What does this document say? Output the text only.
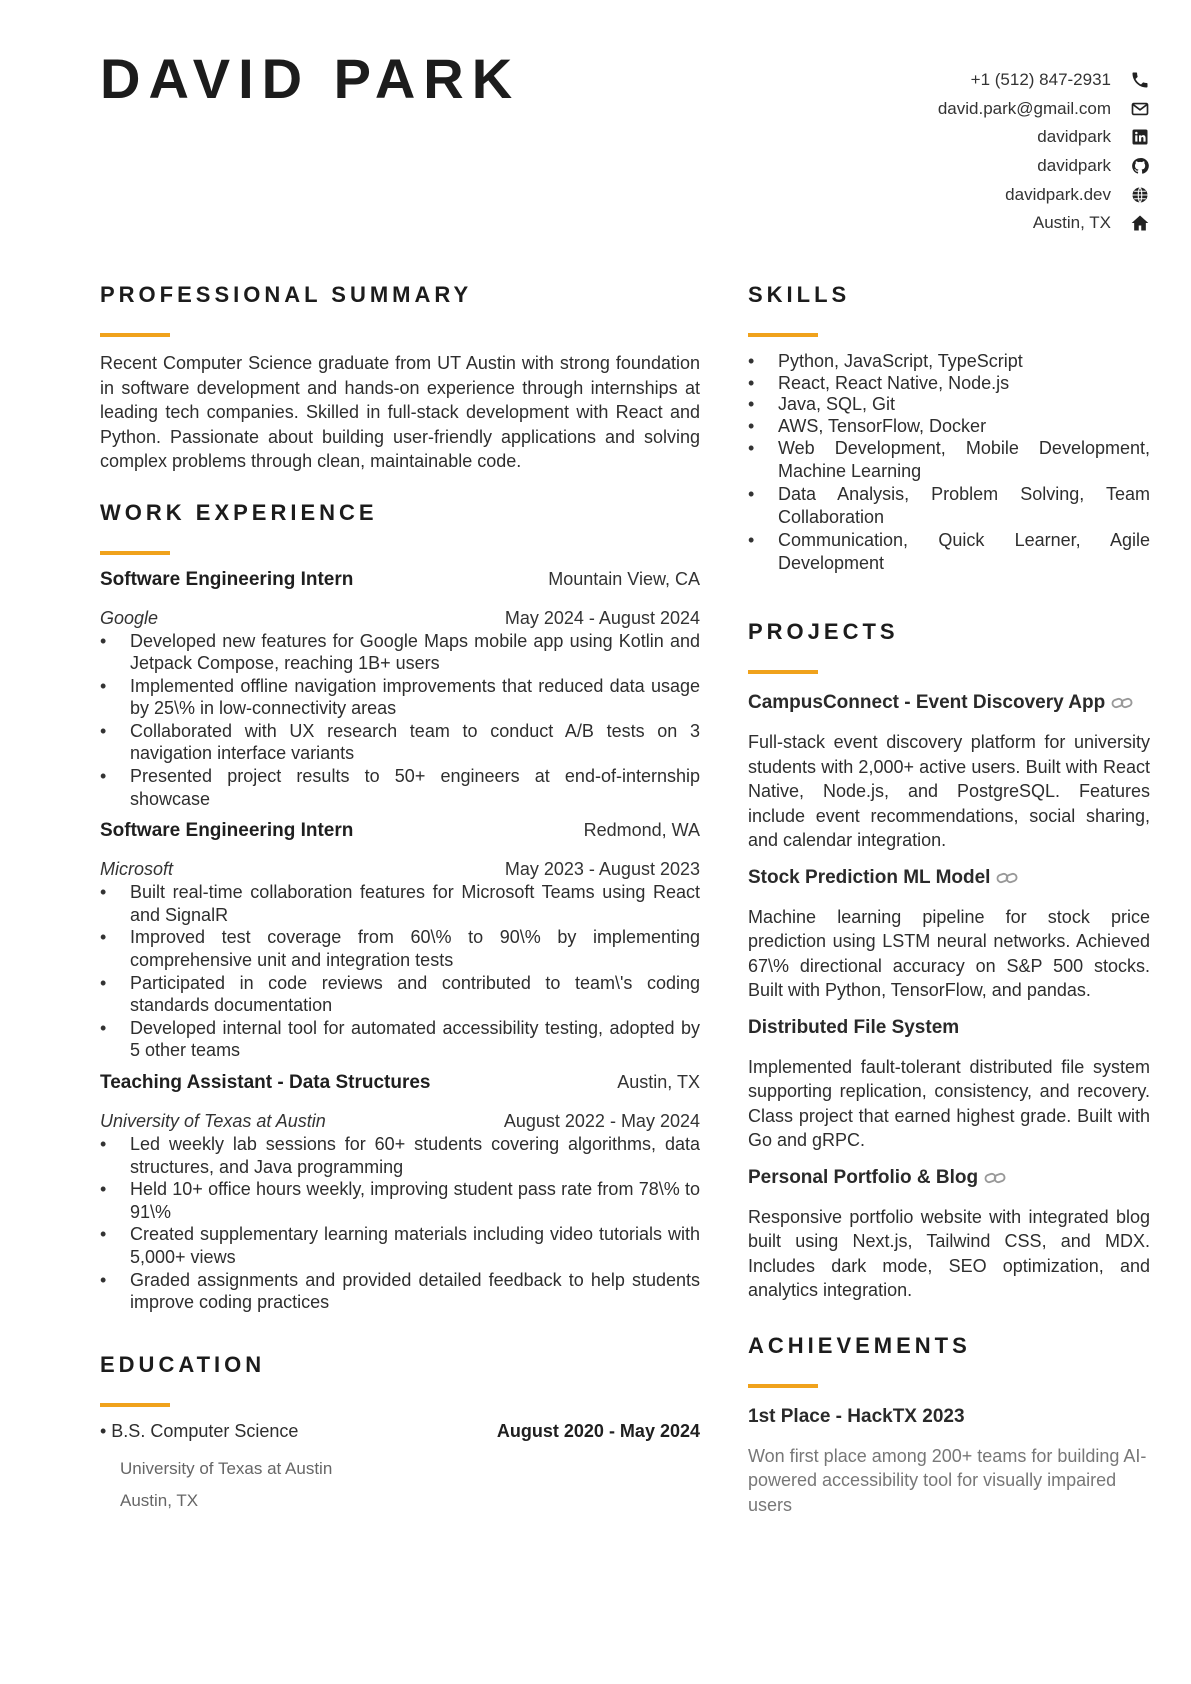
DAVID PARK	+1 (512) 847-2931
david.park@gmail.com
davidpark
davidpark
davidpark.dev
Austin, TX
PROFESSIONAL SUMMARY

Recent Computer Science graduate from UT Austin with strong foundation in software development and hands-on experience through internships at leading tech companies. Skilled in full-stack development with React and Python. Passionate about building user-friendly applications and solving complex problems through clean, maintainable code.

WORK EXPERIENCE
Software Engineering Intern	Mountain View, CA
Google	May 2024 - August 2024
• Developed new features for Google Maps mobile app using Kotlin and Jetpack Compose, reaching 1B+ users
• Implemented offline navigation improvements that reduced data usage by 25\% in low-connectivity areas
• Collaborated with UX research team to conduct A/B tests on 3 navigation interface variants
• Presented project results to 50+ engineers at end-of-internship showcase
Software Engineering Intern	Redmond, WA
Microsoft	May 2023 - August 2023
• Built real-time collaboration features for Microsoft Teams using React and SignalR
• Improved test coverage from 60\% to 90\% by implementing comprehensive unit and integration tests
• Participated in code reviews and contributed to team\'s coding standards documentation
• Developed internal tool for automated accessibility testing, adopted by 5 other teams
Teaching Assistant - Data Structures	Austin, TX
University of Texas at Austin	August 2022 - May 2024
• Led weekly lab sessions for 60+ students covering algorithms, data structures, and Java programming
• Held 10+ office hours weekly, improving student pass rate from 78\% to 91\%
• Created supplementary learning materials including video tutorials with 5,000+ views
• Graded assignments and provided detailed feedback to help students improve coding practices
EDUCATION
• B.S. Computer Science	August 2020 - May 2024
University of Texas at Austin
Austin, TX
SKILLS
• Python, JavaScript, TypeScript
• React, React Native, Node.js
• Java, SQL, Git
• AWS, TensorFlow, Docker
• Web Development, Mobile Development, Machine Learning
• Data Analysis, Problem Solving, Team Collaboration
• Communication, Quick Learner, Agile Development
PROJECTS
CampusConnect - Event Discovery App

Full-stack event discovery platform for university students with 2,000+ active users. Built with React Native, Node.js, and PostgreSQL. Features include event recommendations, social sharing, and calendar integration.

Stock Prediction ML Model

Machine learning pipeline for stock price prediction using LSTM neural networks. Achieved 67\% directional accuracy on S&P 500 stocks. Built with Python, TensorFlow, and pandas.

Distributed File System

Implemented fault-tolerant distributed file system supporting replication, consistency, and recovery. Class project that earned highest grade. Built with Go and gRPC.

Personal Portfolio & Blog

Responsive portfolio website with integrated blog built using Next.js, Tailwind CSS, and MDX. Includes dark mode, SEO optimization, and analytics integration.

ACHIEVEMENTS
1st Place - HackTX 2023

Won first place among 200+ teams for building AI-powered accessibility tool for visually impaired users
